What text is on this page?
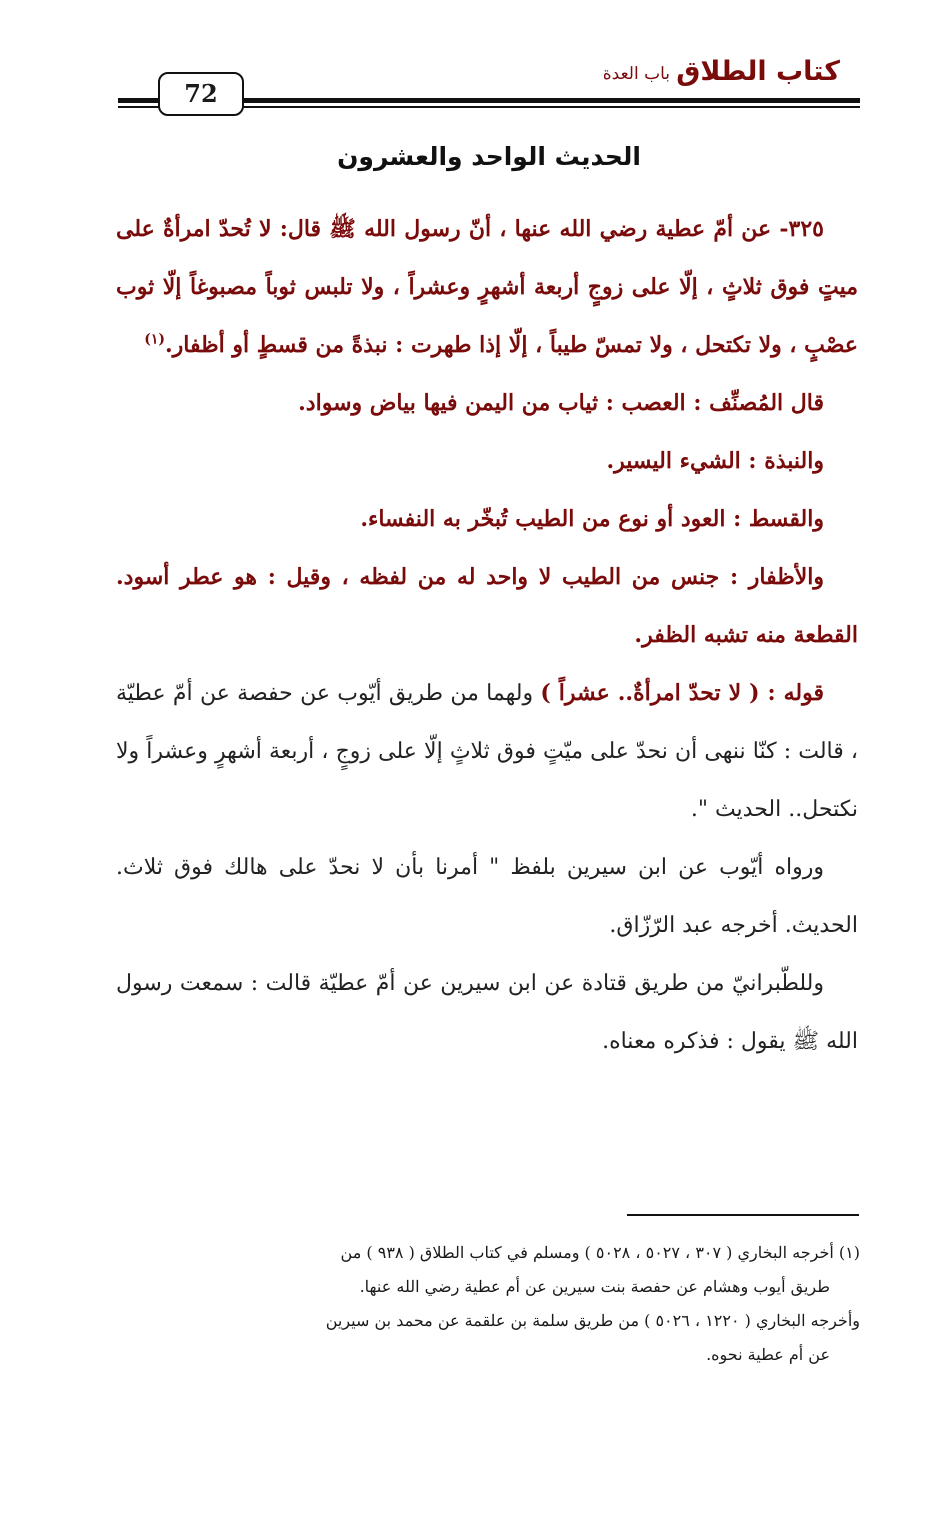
كتاب الطلاق
باب العدة
72
الحديث الواحد والعشرون

٣٢٥- عن أمّ عطية رضي الله عنها ، أنّ رسول الله ﷺ قال: لا تُحدّ امرأةٌ على ميتٍ فوق ثلاثٍ ، إلّا على زوجٍ أربعة أشهرٍ وعشراً ، ولا تلبس ثوباً مصبوغاً إلّا ثوب عصْبٍ ، ولا تكتحل ، ولا تمسّ طيباً ، إلّا إذا طهرت : نبذةً من قسطٍ أو أظفار.$^{(١)}$

قال المُصنِّف : العصب : ثياب من اليمن فيها بياض وسواد.

والنبذة : الشيء اليسير.

والقسط : العود أو نوع من الطيب تُبخّر به النفساء.

والأظفار : جنس من الطيب لا واحد له من لفظه ، وقيل : هو عطر أسود. القطعة منه تشبه الظفر.

قوله : ( لا تحدّ امرأةٌ.. عشراً ) ولهما من طريق أيّوب عن حفصة عن أمّ عطيّة ، قالت : كنّا ننهى أن نحدّ على ميّتٍ فوق ثلاثٍ إلّا على زوجٍ ، أربعة أشهرٍ وعشراً ولا نكتحل.. الحديث ".

ورواه أيّوب عن ابن سيرين بلفظ " أمرنا بأن لا نحدّ على هالك فوق ثلاث. الحديث. أخرجه عبد الرّزّاق.

وللطّبرانيّ من طريق قتادة عن ابن سيرين عن أمّ عطيّة قالت : سمعت رسول الله ﷺ يقول : فذكره معناه.

(١) أخرجه البخاري ( ٣٠٧ ، ٥٠٢٧ ، ٥٠٢٨ ) ومسلم في كتاب الطلاق ( ٩٣٨ ) من

طريق أيوب وهشام عن حفصة بنت سيرين عن أم عطية رضي الله عنها.

وأخرجه البخاري ( ١٢٢٠ ، ٥٠٢٦ ) من طريق سلمة بن علقمة عن محمد بن سيرين

عن أم عطية نحوه.
